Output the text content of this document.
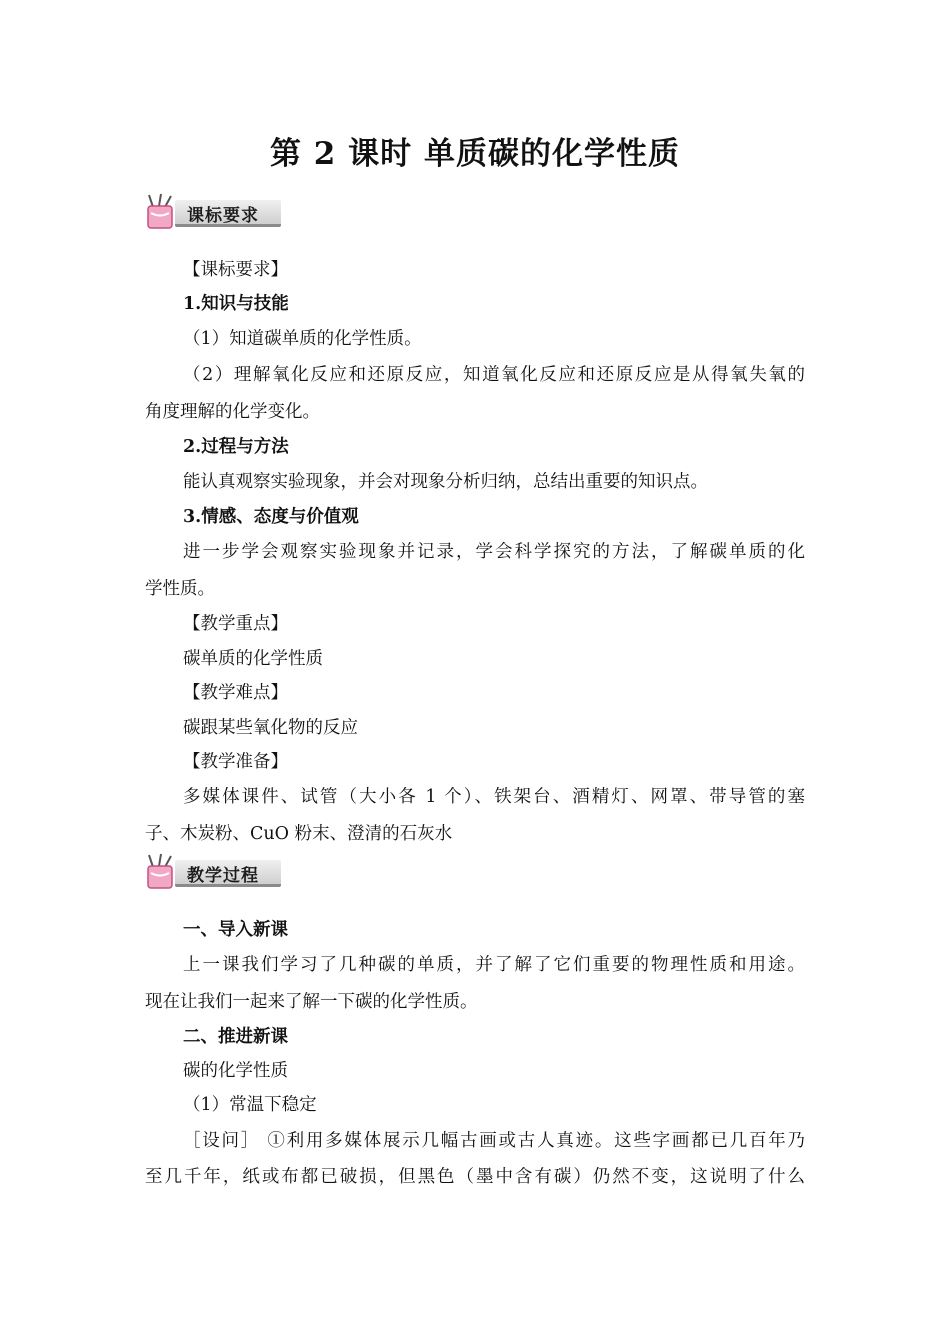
第 2 课时 单质碳的化学性质
课标要求
【课标要求】
1.知识与技能
（1）知道碳单质的化学性质。
（2）理解氧化反应和还原反应，知道氧化反应和还原反应是从得氧失氧的
角度理解的化学变化。
2.过程与方法
能认真观察实验现象，并会对现象分析归纳，总结出重要的知识点。
3.情感、态度与价值观
进一步学会观察实验现象并记录，学会科学探究的方法，了解碳单质的化
学性质。
【教学重点】
碳单质的化学性质
【教学难点】
碳跟某些氧化物的反应
【教学准备】
多媒体课件、试管（大小各 1 个）、铁架台、酒精灯、网罩、带导管的塞
子、木炭粉、CuO 粉末、澄清的石灰水
教学过程
一、导入新课
上一课我们学习了几种碳的单质，并了解了它们重要的物理性质和用途。
现在让我们一起来了解一下碳的化学性质。
二、推进新课
碳的化学性质
（1）常温下稳定
［设问］ ①利用多媒体展示几幅古画或古人真迹。这些字画都已几百年乃
至几千年，纸或布都已破损，但黑色（墨中含有碳）仍然不变，这说明了什么
